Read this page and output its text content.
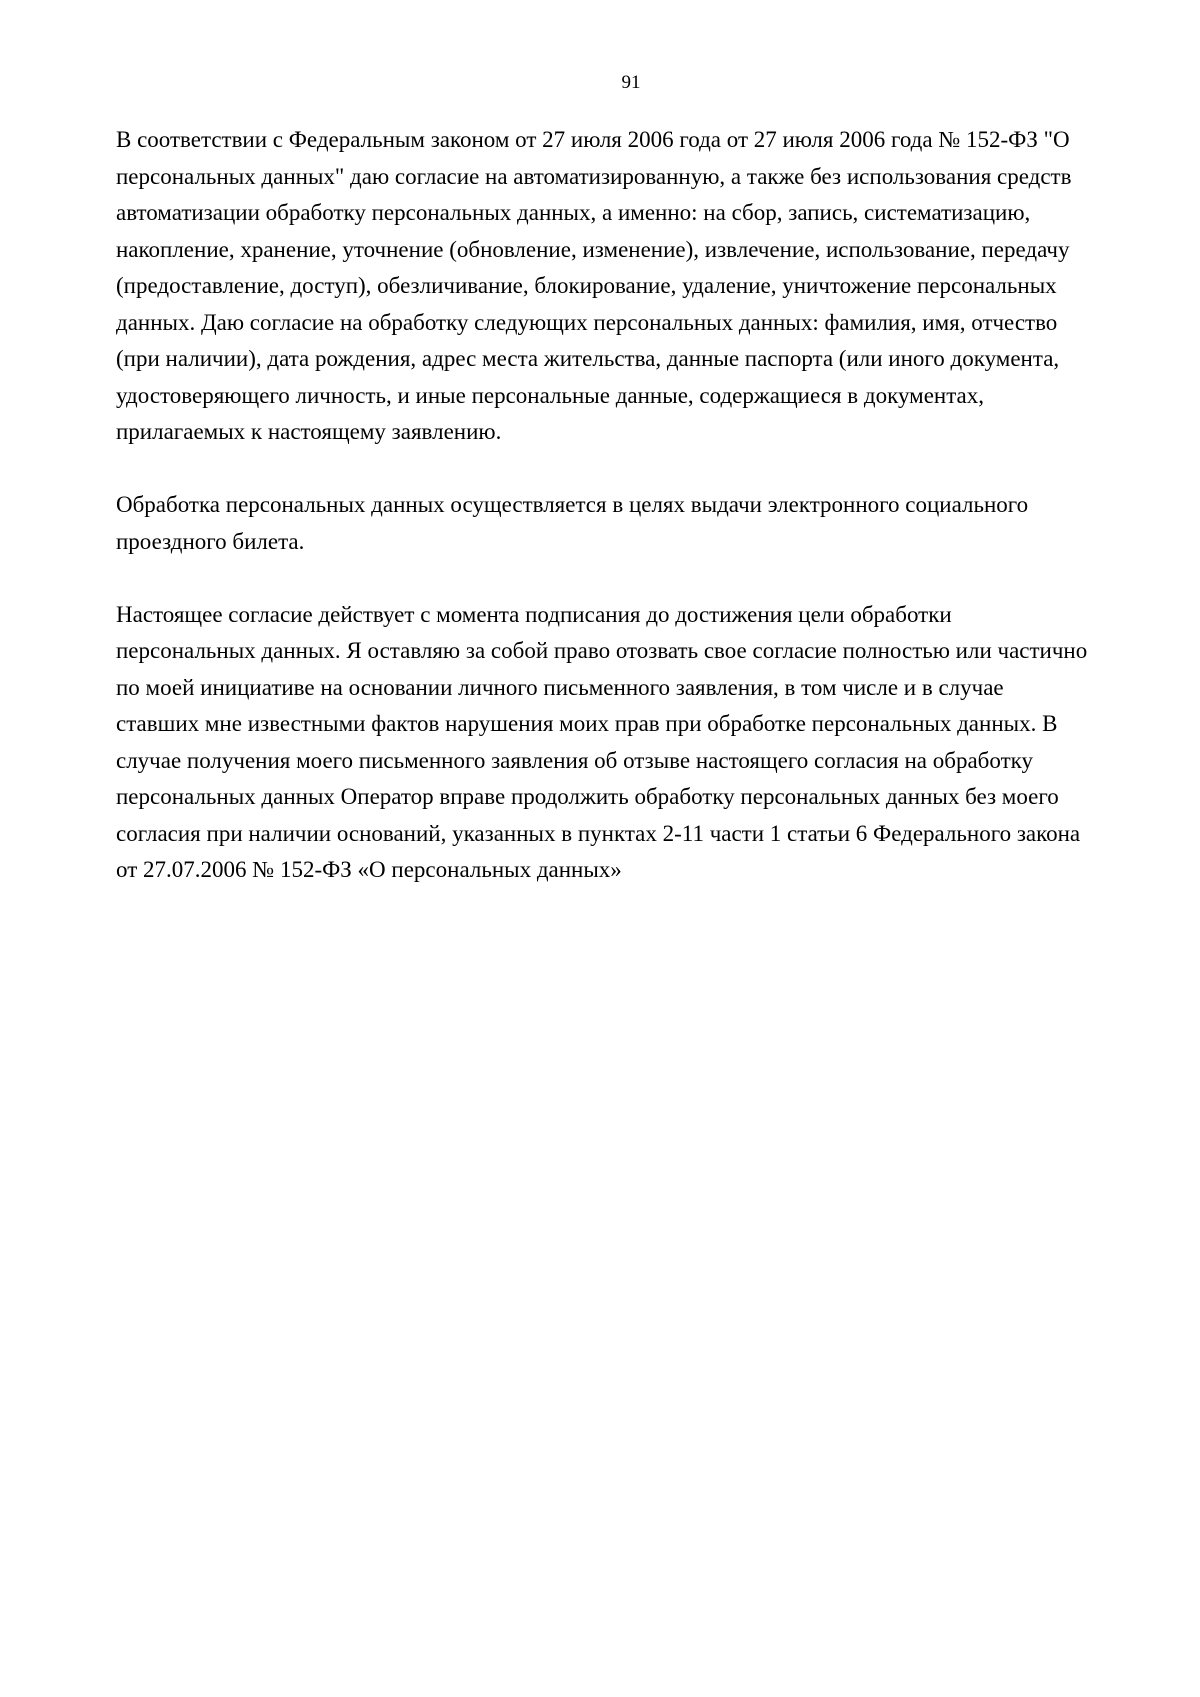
91
В соответствии с Федеральным законом от 27 июля 2006 года от 27 июля 2006 года № 152-ФЗ "О
персональных данных" даю согласие на автоматизированную, а также без использования средств
автоматизации обработку персональных данных, а именно: на сбор, запись, систематизацию,
накопление, хранение, уточнение (обновление, изменение), извлечение, использование, передачу
(предоставление, доступ), обезличивание, блокирование, удаление, уничтожение персональных
данных. Даю согласие на обработку следующих персональных данных: фамилия, имя, отчество
(при наличии), дата рождения, адрес места жительства, данные паспорта (или иного документа,
удостоверяющего личность, и иные персональные данные, содержащиеся в документах,
прилагаемых к настоящему заявлению.
Обработка персональных данных осуществляется в целях выдачи электронного социального
проездного билета.
Настоящее согласие действует с момента подписания до достижения цели обработки
персональных данных. Я оставляю за собой право отозвать свое согласие полностью или частично
по моей инициативе на основании личного письменного заявления, в том числе и в случае
ставших мне известными фактов нарушения моих прав при обработке персональных данных. В
случае получения моего письменного заявления об отзыве настоящего согласия на обработку
персональных данных Оператор вправе продолжить обработку персональных данных без моего
согласия при наличии оснований, указанных в пунктах 2-11 части 1 статьи 6 Федерального закона
от 27.07.2006 № 152-ФЗ «О персональных данных»
